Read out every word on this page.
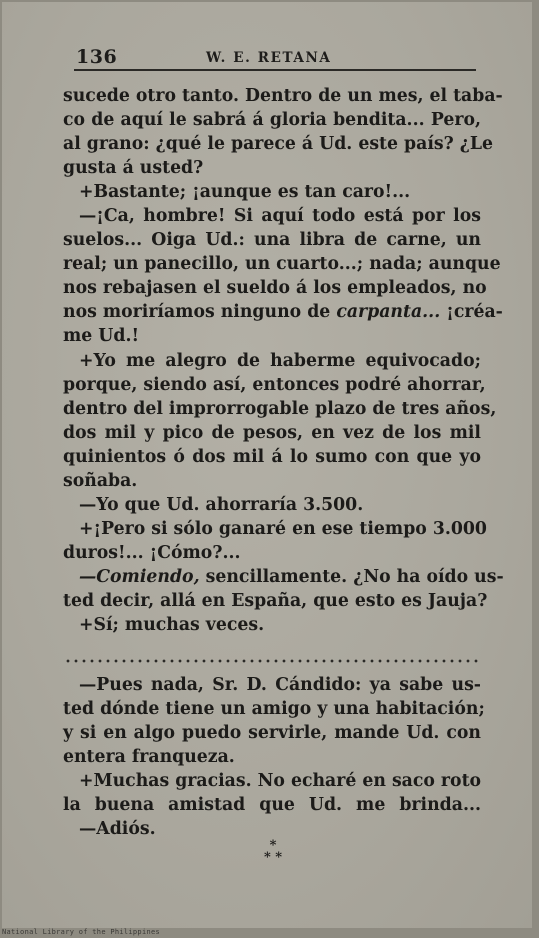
136	W. E. RETANA
sucede otro tanto. Dentro de un mes, el taba-
co de aquí le sabrá á gloria bendita... Pero,
al grano: ¿qué le parece á Ud. este país? ¿Le
gusta á usted?
+Bastante; ¡aunque es tan caro!...
—¡Ca, hombre! Si aquí todo está por los
suelos... Oiga Ud.: una libra de carne, un
real; un panecillo, un cuarto...; nada; aunque
nos rebajasen el sueldo á los empleados, no
nos moriríamos ninguno de carpanta... ¡créa-
me Ud.!
+Yo me alegro de haberme equivocado;
porque, siendo así, entonces podré ahorrar,
dentro del improrrogable plazo de tres años,
dos mil y pico de pesos, en vez de los mil
quinientos ó dos mil á lo sumo con que yo
soñaba.
—Yo que Ud. ahorraría 3.500.
+¡Pero si sólo ganaré en ese tiempo 3.000
duros!... ¡Cómo?...
—Comiendo, sencillamente. ¿No ha oído us-
ted decir, allá en España, que esto es Jauja?
+Sí; muchas veces.
—Pues nada, Sr. D. Cándido: ya sabe us-
ted dónde tiene un amigo y una habitación;
y si en algo puedo servirle, mande Ud. con
entera franqueza.
+Muchas gracias. No echaré en saco roto
la buena amistad que Ud. me brinda...
—Adiós.
*
* *
National Library of the Philippines
